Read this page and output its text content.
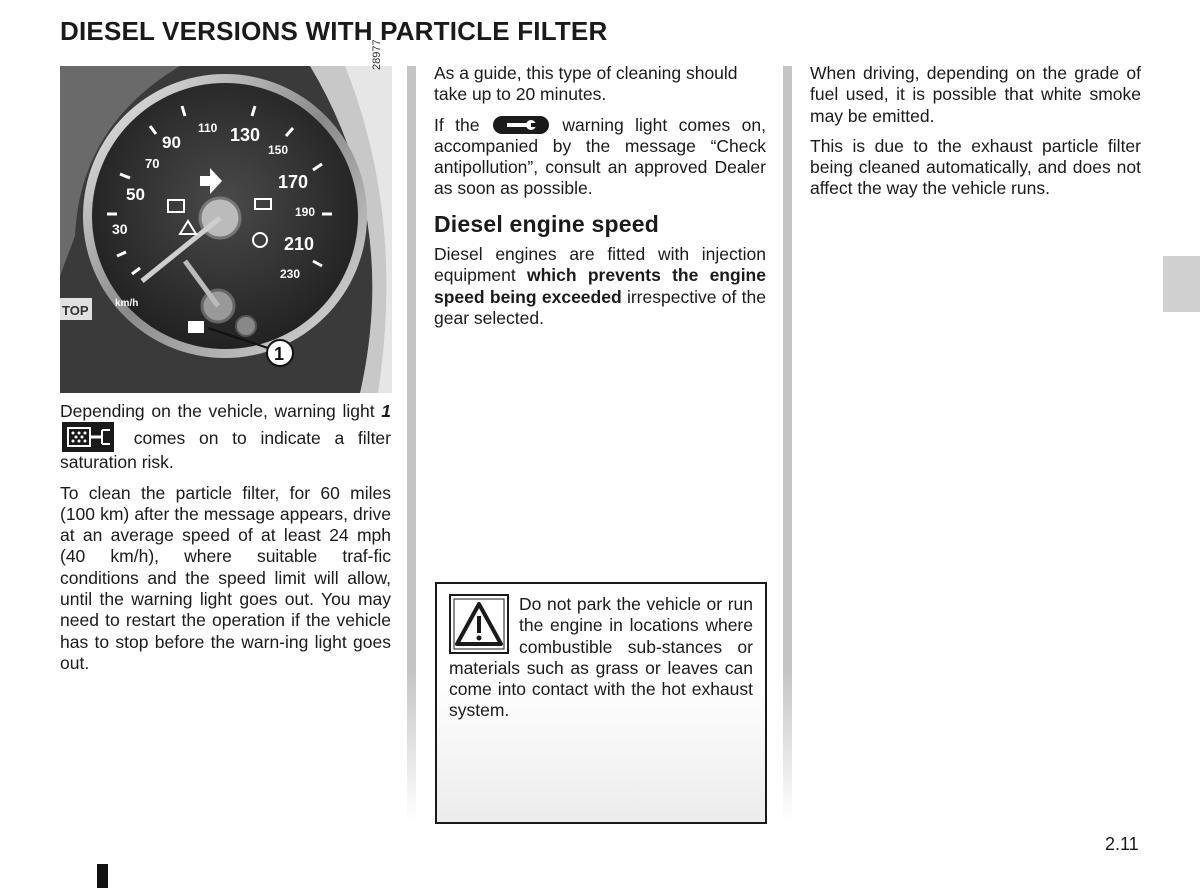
DIESEL VERSIONS WITH PARTICLE FILTER
km/h
30
50
70
90
110 130
150
170
190
210
230
TOP
1
28977

Depending on the vehicle, warning light 1  comes on to indicate a filter saturation risk.

To clean the particle filter, for 60 miles (100 km) after the message appears, drive at an average speed of at least 24 mph (40 km/h), where suitable traf-fic conditions and the speed limit will allow, until the warning light goes out. You may need to restart the operation if the vehicle has to stop before the warn-ing light goes out.

As a guide, this type of cleaning should take up to 20 minutes.

If the	warning light comes on, accompanied by the message “Check antipollution”, consult an approved Dealer as soon as possible.

Diesel engine speed

Diesel engines are fitted with injection equipment which prevents the engine speed being exceeded irrespective of the gear selected.

Do not park the vehicle or run the engine in locations where combustible sub-stances or materials such as grass or leaves can come into contact with the hot exhaust system.

When driving, depending on the grade of fuel used, it is possible that white smoke may be emitted.

This is due to the exhaust particle filter being cleaned automatically, and does not affect the way the vehicle runs.

2.11
